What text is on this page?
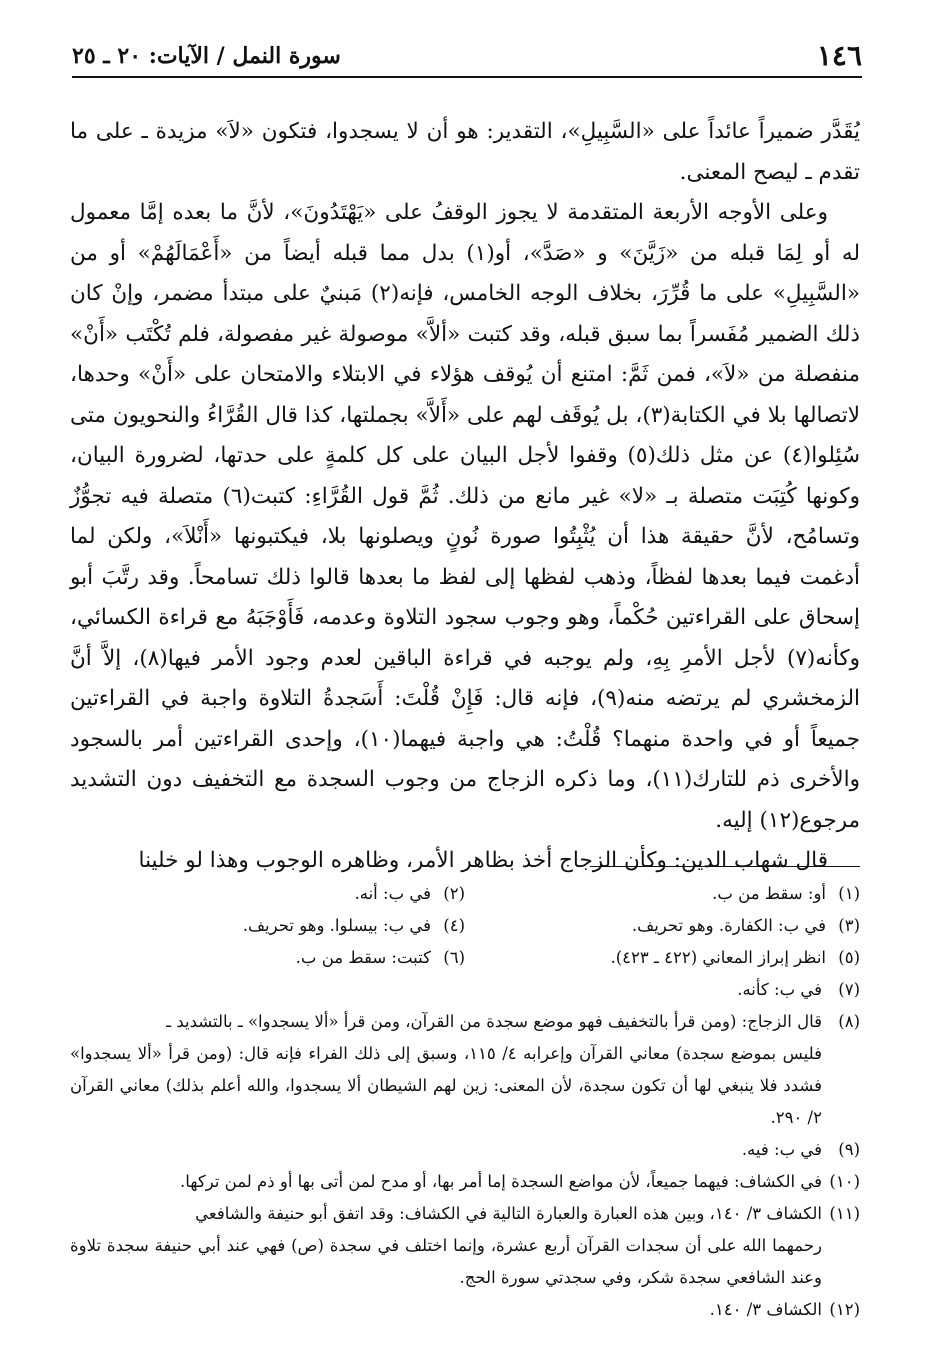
١٤٦
سورة النمل / الآيات: ٢٠ ـ ٢٥

يُقَدَّر ضميراً عائداً على «السَّبِيلِ»، التقدير: هو أن لا يسجدوا، فتكون «لاَ» مزيدة ـ على ما تقدم ـ ليصح المعنى.

وعلى الأوجه الأربعة المتقدمة لا يجوز الوقفُ على «يَهْتَدُونَ»، لأنَّ ما بعده إمَّا معمول له أو لِمَا قبله من «زَيَّنَ» و «صَدَّ»، أو(١) بدل مما قبله أيضاً من «أَعْمَالَهُمْ» أو من «السَّبِيلِ» على ما قُرِّرَ، بخلاف الوجه الخامس، فإنه(٢) مَبنيٌ على مبتدأ مضمر، وإنْ كان ذلك الضمير مُفَسراً بما سبق قبله، وقد كتبت «ألاَّ» موصولة غير مفصولة، فلم تُكْتَب «أَنْ» منفصلة من «لاَ»، فمن ثَمَّ: امتنع أن يُوقف هؤلاء في الابتلاء والامتحان على «أَنْ» وحدها، لاتصالها بلا في الكتابة(٣)، بل يُوقَف لهم على «أَلاَّ» بجملتها، كذا قال القُرَّاءُ والنحويون متى سُئِلوا(٤) عن مثل ذلك(٥) وقفوا لأجل البيان على كل كلمةٍ على حدتها، لضرورة البيان، وكونها كُتِبَت متصلة بـ «لا» غير مانع من ذلك. ثُمَّ قول القُرَّاءِ: كتبت(٦) متصلة فيه تجوُّزٌ وتسامُح، لأنَّ حقيقة هذا أن يُثْبِتُوا صورة نُونٍ ويصلونها بلا، فيكتبونها «أَنْلاَ»، ولكن لما أدغمت فيما بعدها لفظاً، وذهب لفظها إلى لفظ ما بعدها قالوا ذلك تسامحاً. وقد رتَّبَ أبو إسحاق على القراءتين حُكْماً، وهو وجوب سجود التلاوة وعدمه، فَأَوْجَبَهُ مع قراءة الكسائي، وكأنه(٧) لأجل الأمرِ بِهِ، ولم يوجبه في قراءة الباقين لعدم وجود الأمر فيها(٨)، إلاَّ أنَّ الزمخشري لم يرتضه منه(٩)، فإنه قال: فَإِنْ قُلْتَ: أَسَجدةُ التلاوة واجبة في القراءتين جميعاً أو في واحدة منهما؟ قُلْتُ: هي واجبة فيهما(١٠)، وإحدى القراءتين أمر بالسجود والأخرى ذم للتارك(١١)، وما ذكره الزجاج من وجوب السجدة مع التخفيف دون التشديد مرجوع(١٢) إليه.

قال شهاب الدين: وكأن الزجاج أخذ بظاهر الأمر، وظاهره الوجوب وهذا لو خلينا

(١)
أو: سقط من ب.
(٢)
في ب: أنه.
(٣)
في ب: الكفارة. وهو تحريف.
(٤)
في ب: بيسلوا. وهو تحريف.
(٥)
انظر إبراز المعاني (٤٢٢ ـ ٤٢٣).
(٦)
كتبت: سقط من ب.
(٧)
في ب: كأنه.
(٨)
قال الزجاج: (ومن قرأ بالتخفيف فهو موضع سجدة من القرآن، ومن قرأ «ألا يسجدوا» ـ بالتشديد ـ
فليس بموضع سجدة) معاني القرآن وإعرابه ٤/ ١١٥، وسبق إلى ذلك الفراء فإنه قال: (ومن قرأ «ألا يسجدوا» فشدد فلا ينبغي لها أن تكون سجدة، لأن المعنى: زين لهم الشيطان ألا يسجدوا، والله أعلم بذلك) معاني القرآن ٢/ ٢٩٠.
(٩)
في ب: فيه.
(١٠)
في الكشاف: فيهما جميعاً، لأن مواضع السجدة إما أمر بها، أو مدح لمن أتى بها أو ذم لمن تركها.
(١١)
الكشاف ٣/ ١٤٠، وبين هذه العبارة والعبارة التالية في الكشاف: وقد اتفق أبو حنيفة والشافعي
رحمهما الله على أن سجدات القرآن أربع عشرة، وإنما اختلف في سجدة (ص) فهي عند أبي حنيفة سجدة تلاوة وعند الشافعي سجدة شكر، وفي سجدتي سورة الحج.
(١٢)
الكشاف ٣/ ١٤٠.
